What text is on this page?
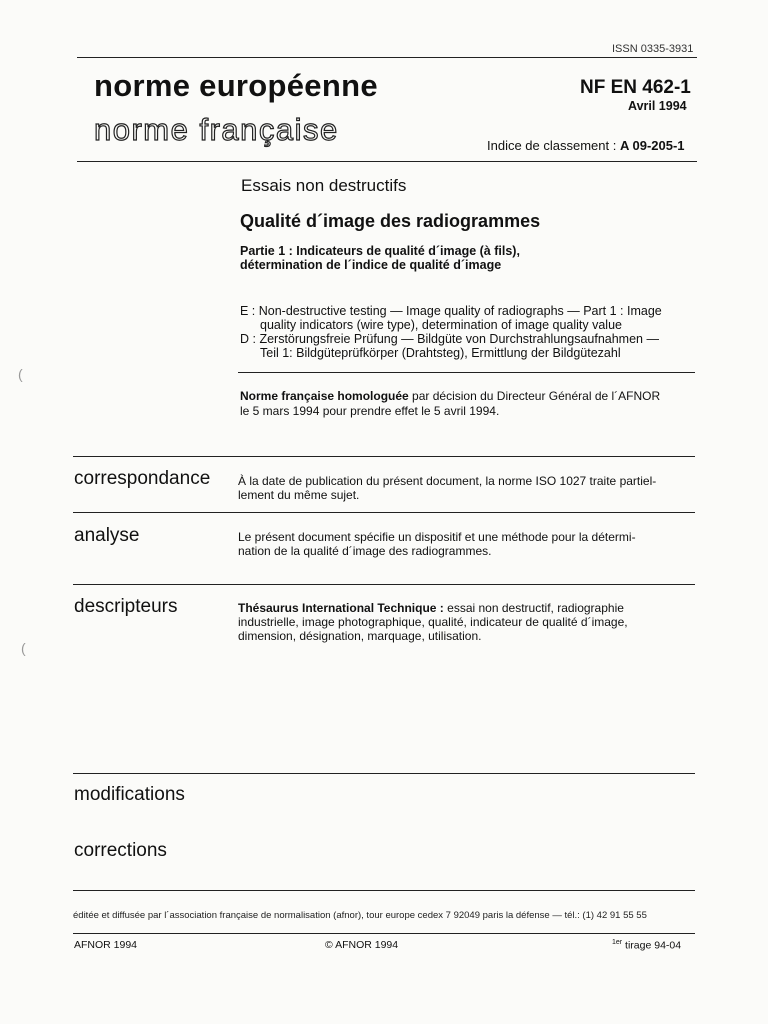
ISSN 0335-3931
norme européenne
norme française
NF EN 462-1
Avril 1994
Indice de classement : A 09-205-1
Essais non destructifs
Qualité d´image des radiogrammes
Partie 1 : Indicateurs de qualité d´image (à fils),
détermination de l´indice de qualité d´image
E : Non-destructive testing — Image quality of radiographs — Part 1 : Image
quality indicators (wire type), determination of image quality value
D : Zerstörungsfreie Prüfung — Bildgüte von Durchstrahlungsaufnahmen —
Teil 1: Bildgüteprüfkörper (Drahtsteg), Ermittlung der Bildgütezahl
Norme française homologuée par décision du Directeur Général de l´AFNOR
le 5 mars 1994 pour prendre effet le 5 avril 1994.
correspondance À la date de publication du présent document, la norme ISO 1027 traite partiel-
lement du même sujet.
analyse	Le présent document spécifie un dispositif et une méthode pour la détermi-
nation de la qualité d´image des radiogrammes.
descripteurs	Thésaurus International Technique : essai non destructif, radiographie
industrielle, image photographique, qualité, indicateur de qualité d´image,
dimension, désignation, marquage, utilisation.
modifications
corrections
éditée et diffusée par l´association française de normalisation (afnor), tour europe cedex 7 92049 paris la défense — tél.: (1) 42 91 55 55
AFNOR 1994	© AFNOR 1994	$^{1er}$ tirage 94-04
(
(
